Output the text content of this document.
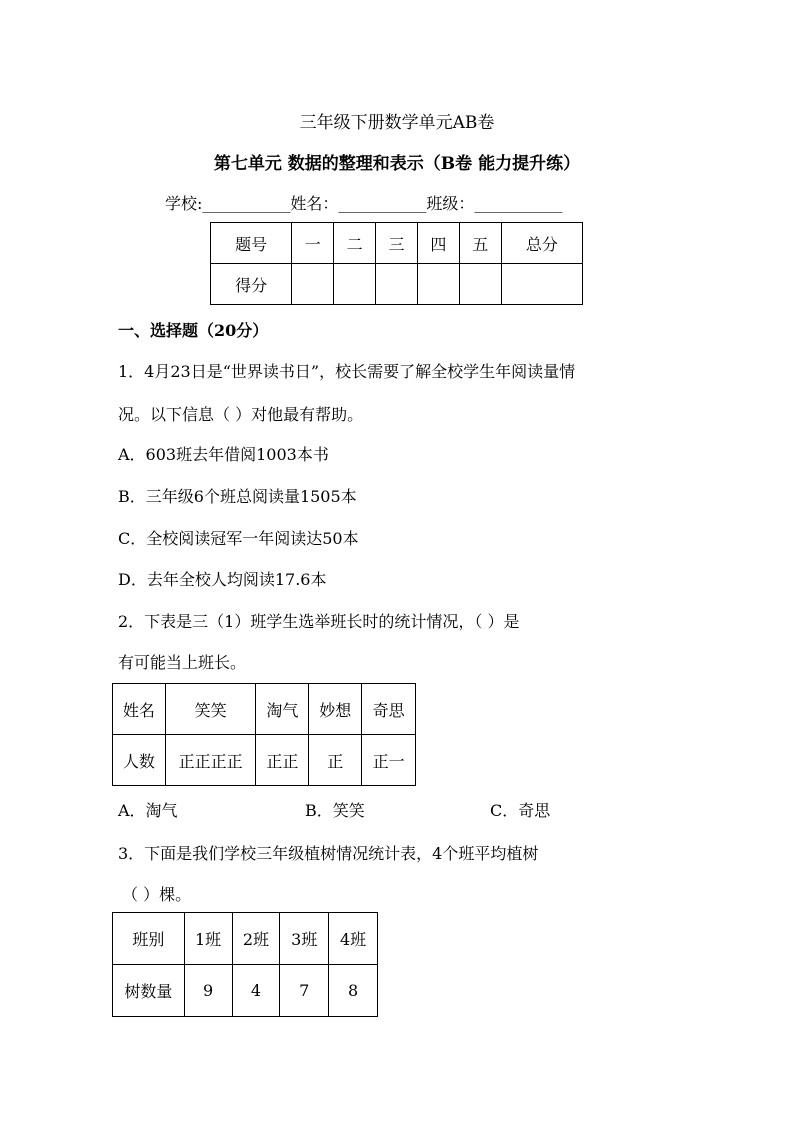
三年级下册数学单元AB卷
第七单元 数据的整理和表示（B卷 能力提升练）
学校:___________姓名：___________班级：___________
题号	一	二	三	四	五	总分
得分						
一、选择题（20分）
1．4月23日是“世界读书日”，校长需要了解全校学生年阅读量情
况。以下信息（ ）对他最有帮助。
A．603班去年借阅1003本书
B．三年级6个班总阅读量1505本
C．全校阅读冠军一年阅读达50本
D．去年全校人均阅读17.6本
2．下表是三（1）班学生选举班长时的统计情况，（ ）是
有可能当上班长。
姓名	笑笑	淘气	妙想	奇思
人数	正正正正	正正	正	正一
A．淘气	B．笑笑	C．奇思
3．下面是我们学校三年级植树情况统计表，4个班平均植树
（ ）棵。
班别	1班	2班	3班	4班
树数量	9	4	7	8
